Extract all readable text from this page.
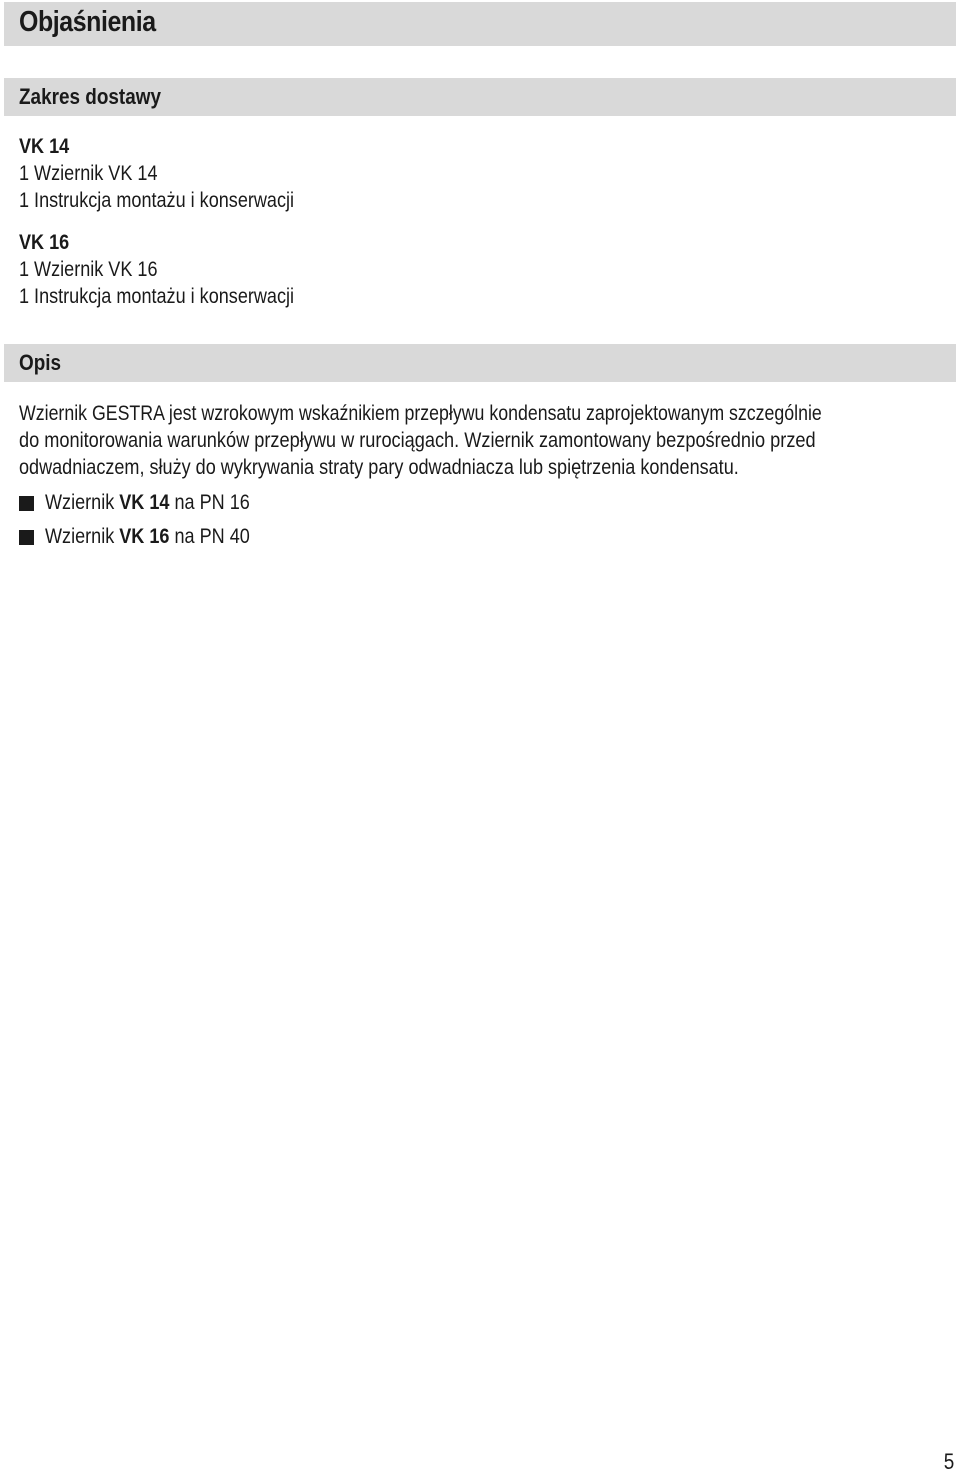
Objaśnienia
Zakres dostawy
VK 14
1 Wziernik VK 14
1 Instrukcja montażu i konserwacji
VK 16
1 Wziernik VK 16
1 Instrukcja montażu i konserwacji
Opis
Wziernik GESTRA jest wzrokowym wskaźnikiem przepływu kondensatu zaprojektowanym szczególnie
do monitorowania warunków przepływu w rurociągach. Wziernik zamontowany bezpośrednio przed
odwadniaczem, służy do wykrywania straty pary odwadniacza lub spiętrzenia kondensatu.
Wziernik VK 14 na PN 16
Wziernik VK 16 na PN 40
5
